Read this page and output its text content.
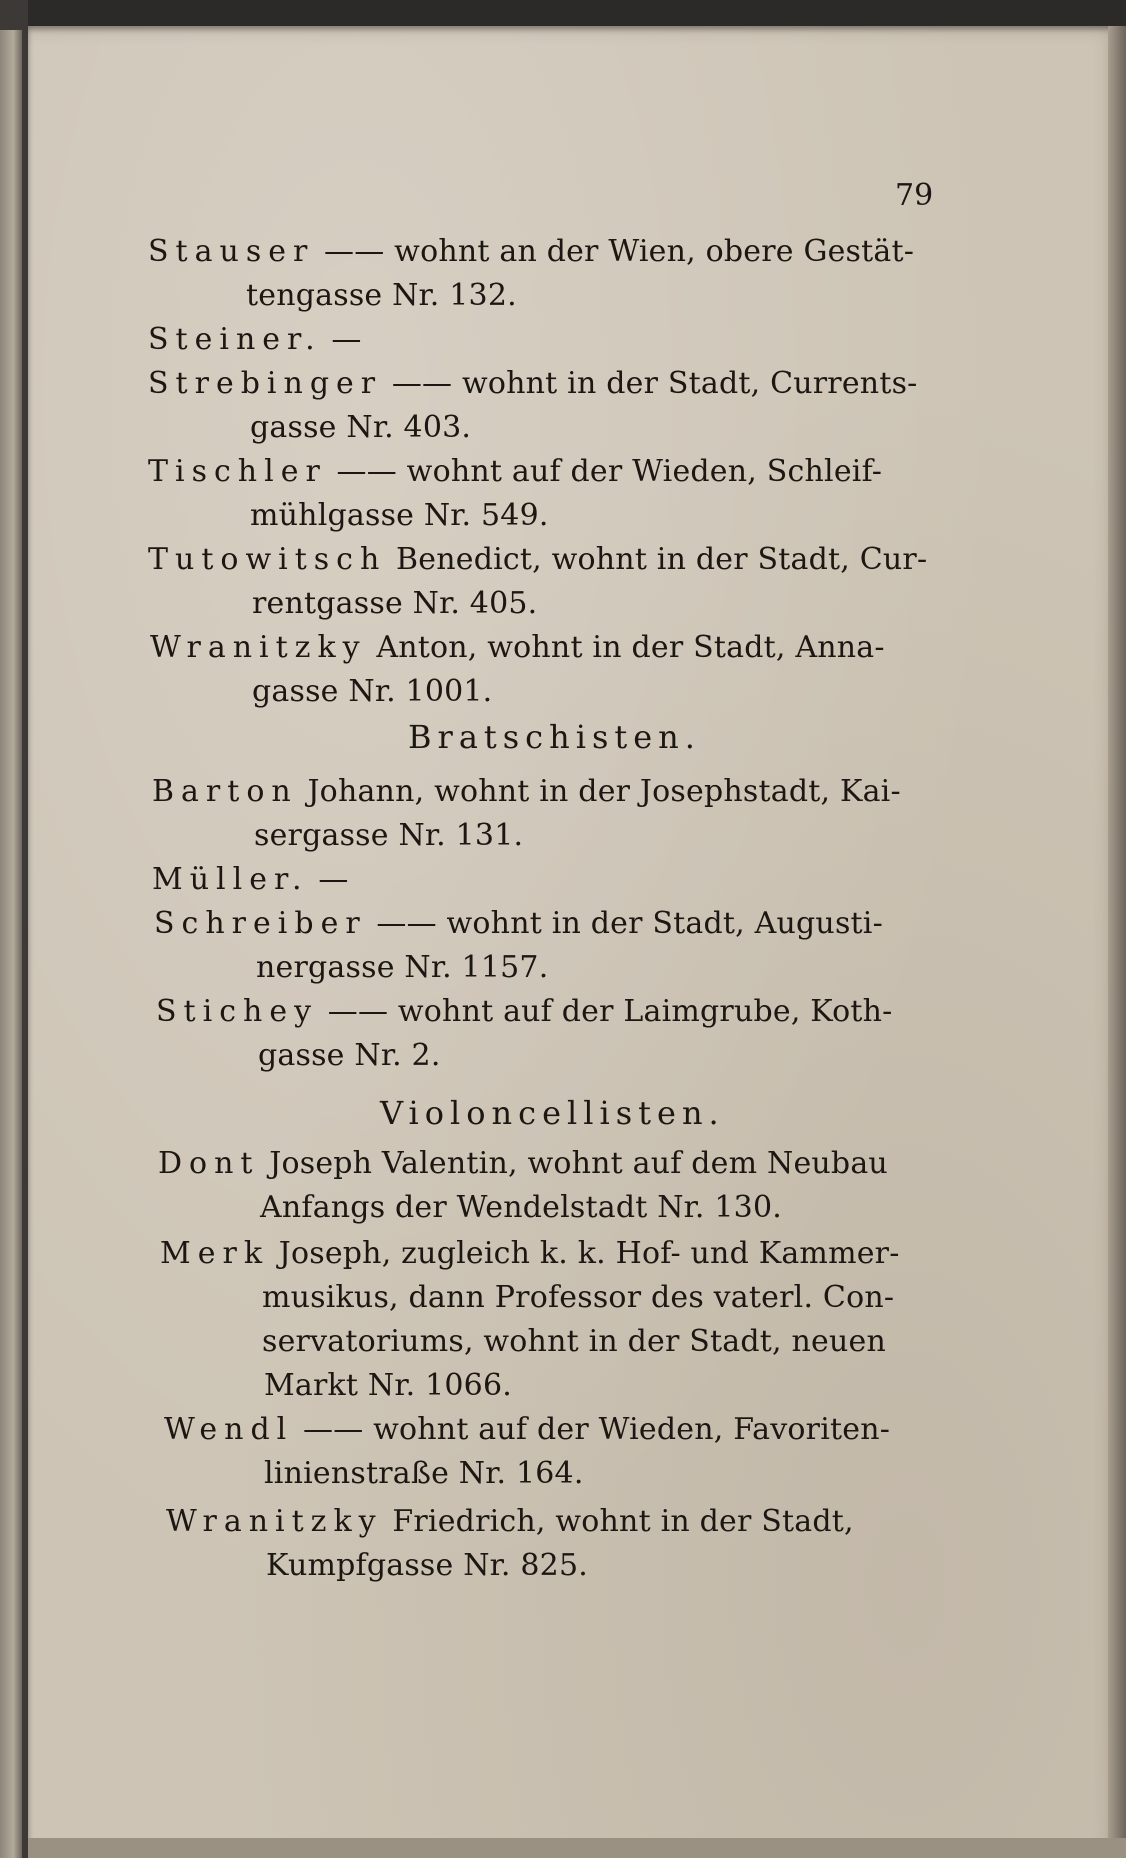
79
Stauser —— wohnt an der Wien, obere Gestät-
tengasse Nr. 132.
Steiner. —
Strebinger —— wohnt in der Stadt, Currents-
gasse Nr. 403.
Tischler —— wohnt auf der Wieden, Schleif-
mühlgasse Nr. 549.
Tutowitsch Benedict, wohnt in der Stadt, Cur-
rentgasse Nr. 405.
Wranitzky Anton, wohnt in der Stadt, Anna-
gasse Nr. 1001.
Bratschisten.
Barton Johann, wohnt in der Josephstadt, Kai-
sergasse Nr. 131.
Müller. —
Schreiber —— wohnt in der Stadt, Augusti-
nergasse Nr. 1157.
Stichey —— wohnt auf der Laimgrube, Koth-
gasse Nr. 2.
Violoncellisten.
Dont Joseph Valentin, wohnt auf dem Neubau
Anfangs der Wendelstadt Nr. 130.
Merk Joseph, zugleich k. k. Hof- und Kammer-
musikus, dann Professor des vaterl. Con-
servatoriums, wohnt in der Stadt, neuen
Markt Nr. 1066.
Wendl —— wohnt auf der Wieden, Favoriten-
linienstraße Nr. 164.
Wranitzky Friedrich, wohnt in der Stadt,
Kumpfgasse Nr. 825.
